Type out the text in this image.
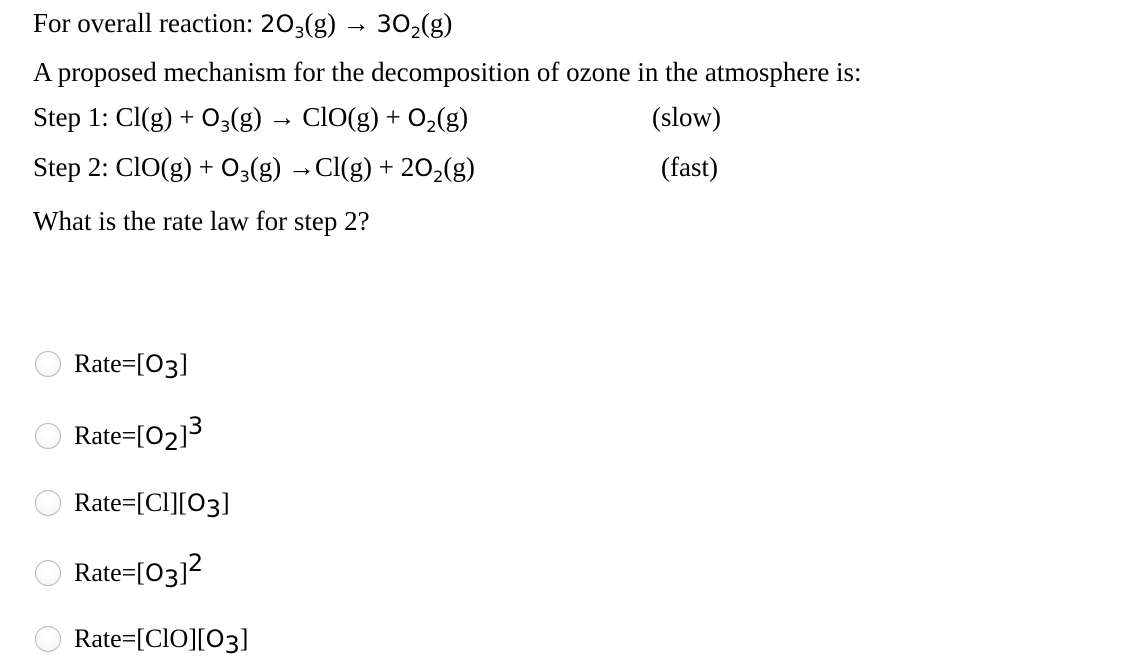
For overall reaction: $2O_3(g) \to 3O_2(g)$
A proposed mechanism for the decomposition of ozone in the atmosphere is:
Step 1: $Cl(g) + O_3(g) \to ClO(g) + O_2(g)$	(slow)
Step 2: $ClO(g) + O_3(g) \to Cl(g) + 2O_2(g)$	(fast)
What is the rate law for step 2?
Rate=[O3]
Rate=[O2]3
Rate=[Cl][O3]
Rate=[O3]2
Rate=[ClO][O3]
